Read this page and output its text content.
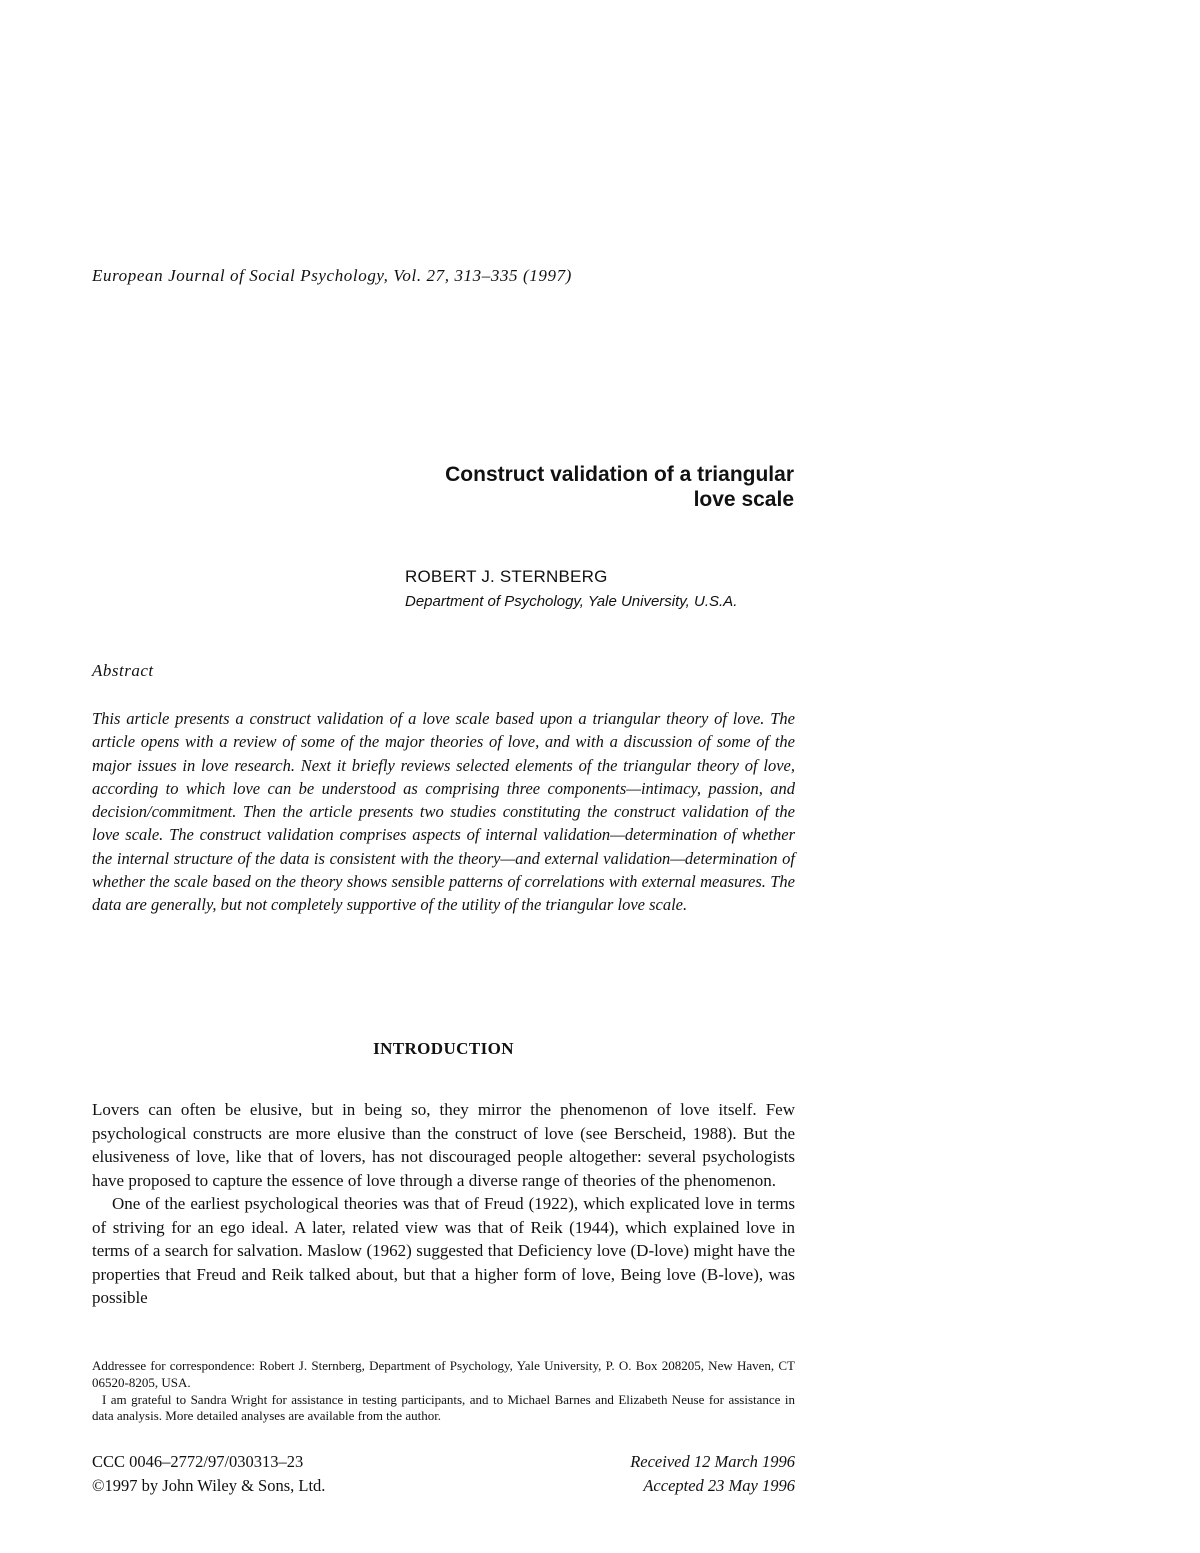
European Journal of Social Psychology, Vol. 27, 313–335 (1997)
Construct validation of a triangular
love scale
ROBERT J. STERNBERG
Department of Psychology, Yale University, U.S.A.
Abstract
This article presents a construct validation of a love scale based upon a triangular theory of love. The article opens with a review of some of the major theories of love, and with a discussion of some of the major issues in love research. Next it briefly reviews selected elements of the triangular theory of love, according to which love can be understood as comprising three components—intimacy, passion, and decision/commitment. Then the article presents two studies constituting the construct validation of the love scale. The construct validation comprises aspects of internal validation—determination of whether the internal structure of the data is consistent with the theory—and external validation—determination of whether the scale based on the theory shows sensible patterns of correlations with external measures. The data are generally, but not completely supportive of the utility of the triangular love scale.
INTRODUCTION

Lovers can often be elusive, but in being so, they mirror the phenomenon of love itself. Few psychological constructs are more elusive than the construct of love (see Berscheid, 1988). But the elusiveness of love, like that of lovers, has not discouraged people altogether: several psychologists have proposed to capture the essence of love through a diverse range of theories of the phenomenon.

One of the earliest psychological theories was that of Freud (1922), which explicated love in terms of striving for an ego ideal. A later, related view was that of Reik (1944), which explained love in terms of a search for salvation. Maslow (1962) suggested that Deficiency love (D-love) might have the properties that Freud and Reik talked about, but that a higher form of love, Being love (B-love), was possible

Addressee for correspondence: Robert J. Sternberg, Department of Psychology, Yale University, P. O. Box 208205, New Haven, CT 06520-8205, USA.

I am grateful to Sandra Wright for assistance in testing participants, and to Michael Barnes and Elizabeth Neuse for assistance in data analysis. More detailed analyses are available from the author.

CCC 0046–2772/97/030313–23
©1997 by John Wiley & Sons, Ltd.
Received 12 March 1996
Accepted 23 May 1996
